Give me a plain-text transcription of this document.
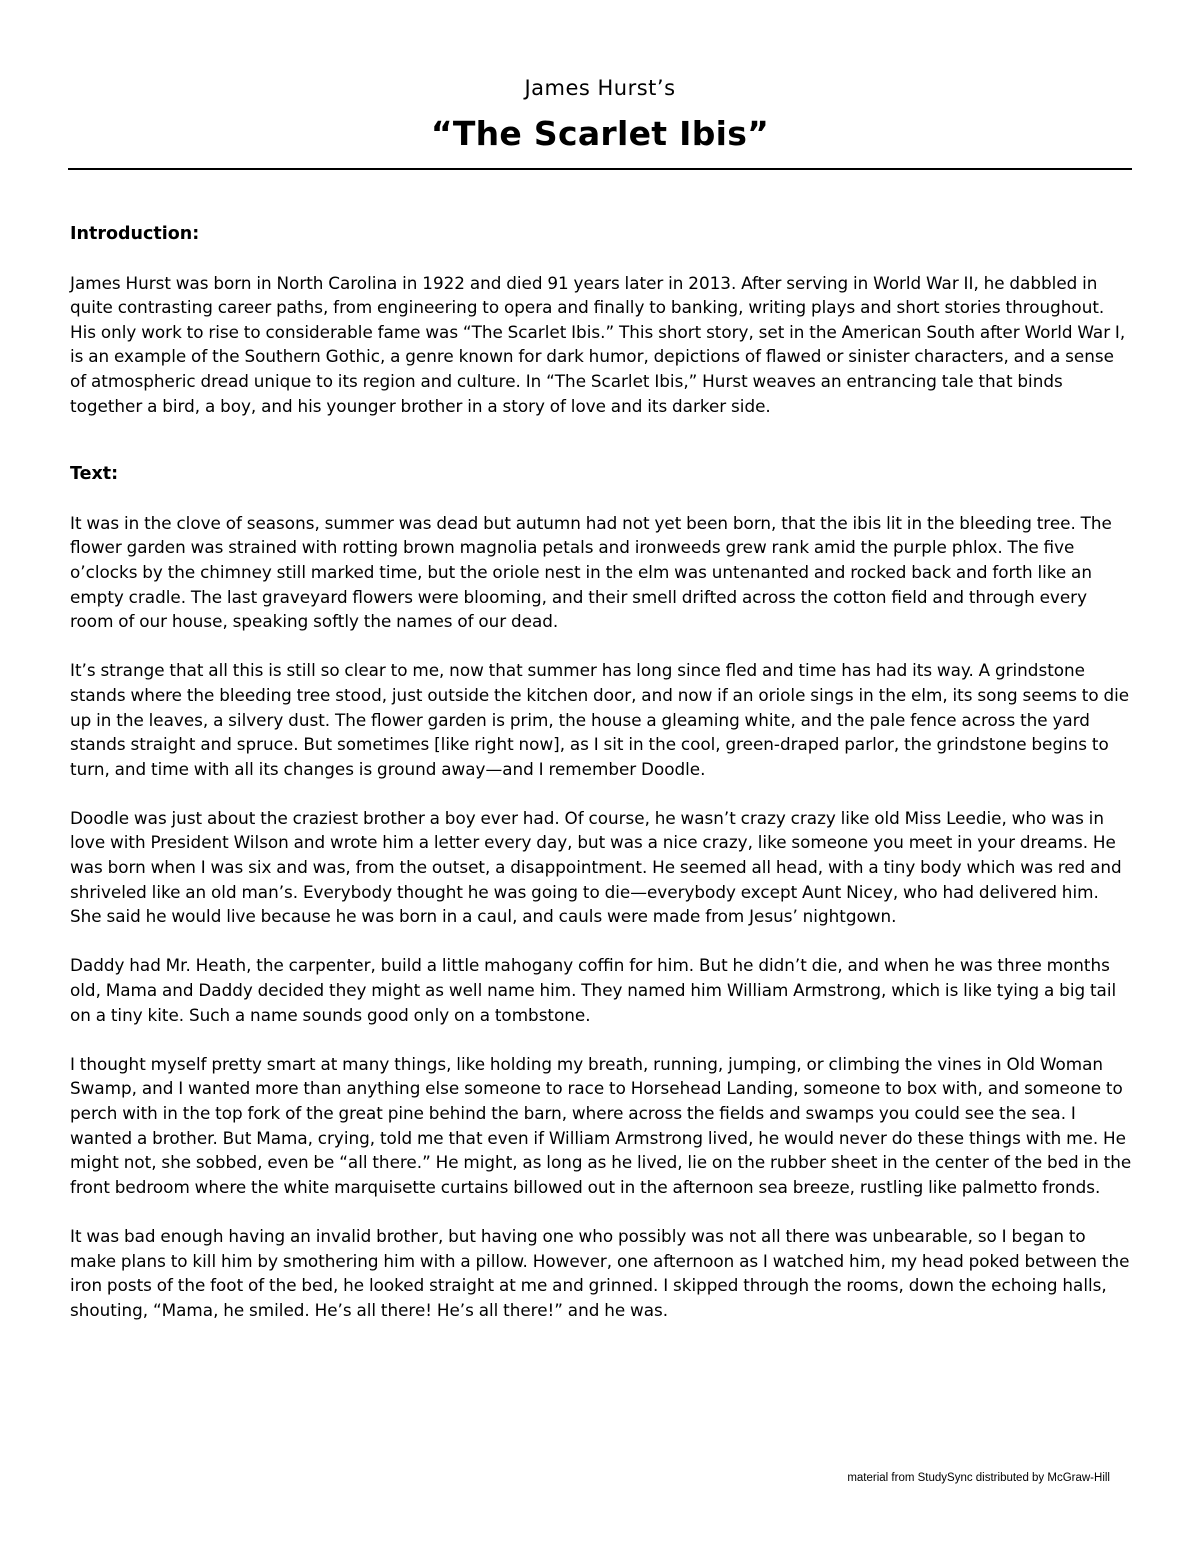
James Hurst’s
“The Scarlet Ibis”
Introduction:

James Hurst was born in North Carolina in 1922 and died 91 years later in 2013. After serving in World War II, he dabbled in quite contrasting career paths, from engineering to opera and finally to banking, writing plays and short stories throughout. His only work to rise to considerable fame was “The Scarlet Ibis.” This short story, set in the American South after World War I, is an example of the Southern Gothic, a genre known for dark humor, depictions of flawed or sinister characters, and a sense of atmospheric dread unique to its region and culture. In “The Scarlet Ibis,” Hurst weaves an entrancing tale that binds together a bird, a boy, and his younger brother in a story of love and its darker side.

Text:

It was in the clove of seasons, summer was dead but autumn had not yet been born, that the ibis lit in the bleeding tree. The flower garden was strained with rotting brown magnolia petals and ironweeds grew rank amid the purple phlox. The five o’clocks by the chimney still marked time, but the oriole nest in the elm was untenanted and rocked back and forth like an empty cradle. The last graveyard flowers were blooming, and their smell drifted across the cotton field and through every room of our house, speaking softly the names of our dead.

It’s strange that all this is still so clear to me, now that summer has long since fled and time has had its way. A grindstone stands where the bleeding tree stood, just outside the kitchen door, and now if an oriole sings in the elm, its song seems to die up in the leaves, a silvery dust. The flower garden is prim, the house a gleaming white, and the pale fence across the yard stands straight and spruce. But sometimes [like right now], as I sit in the cool, green-draped parlor, the grindstone begins to turn, and time with all its changes is ground away—and I remember Doodle.

Doodle was just about the craziest brother a boy ever had. Of course, he wasn’t crazy crazy like old Miss Leedie, who was in love with President Wilson and wrote him a letter every day, but was a nice crazy, like someone you meet in your dreams. He was born when I was six and was, from the outset, a disappointment. He seemed all head, with a tiny body which was red and shriveled like an old man’s. Everybody thought he was going to die—everybody except Aunt Nicey, who had delivered him. She said he would live because he was born in a caul, and cauls were made from Jesus’ nightgown.

Daddy had Mr. Heath, the carpenter, build a little mahogany coffin for him. But he didn’t die, and when he was three months old, Mama and Daddy decided they might as well name him. They named him William Armstrong, which is like tying a big tail on a tiny kite. Such a name sounds good only on a tombstone.

I thought myself pretty smart at many things, like holding my breath, running, jumping, or climbing the vines in Old Woman Swamp, and I wanted more than anything else someone to race to Horsehead Landing, someone to box with, and someone to perch with in the top fork of the great pine behind the barn, where across the fields and swamps you could see the sea. I wanted a brother. But Mama, crying, told me that even if William Armstrong lived, he would never do these things with me. He might not, she sobbed, even be “all there.” He might, as long as he lived, lie on the rubber sheet in the center of the bed in the front bedroom where the white marquisette curtains billowed out in the afternoon sea breeze, rustling like palmetto fronds.

It was bad enough having an invalid brother, but having one who possibly was not all there was unbearable, so I began to make plans to kill him by smothering him with a pillow. However, one afternoon as I watched him, my head poked between the iron posts of the foot of the bed, he looked straight at me and grinned. I skipped through the rooms, down the echoing halls, shouting, “Mama, he smiled. He’s all there! He’s all there!” and he was.

material from StudySync distributed by McGraw-Hill
